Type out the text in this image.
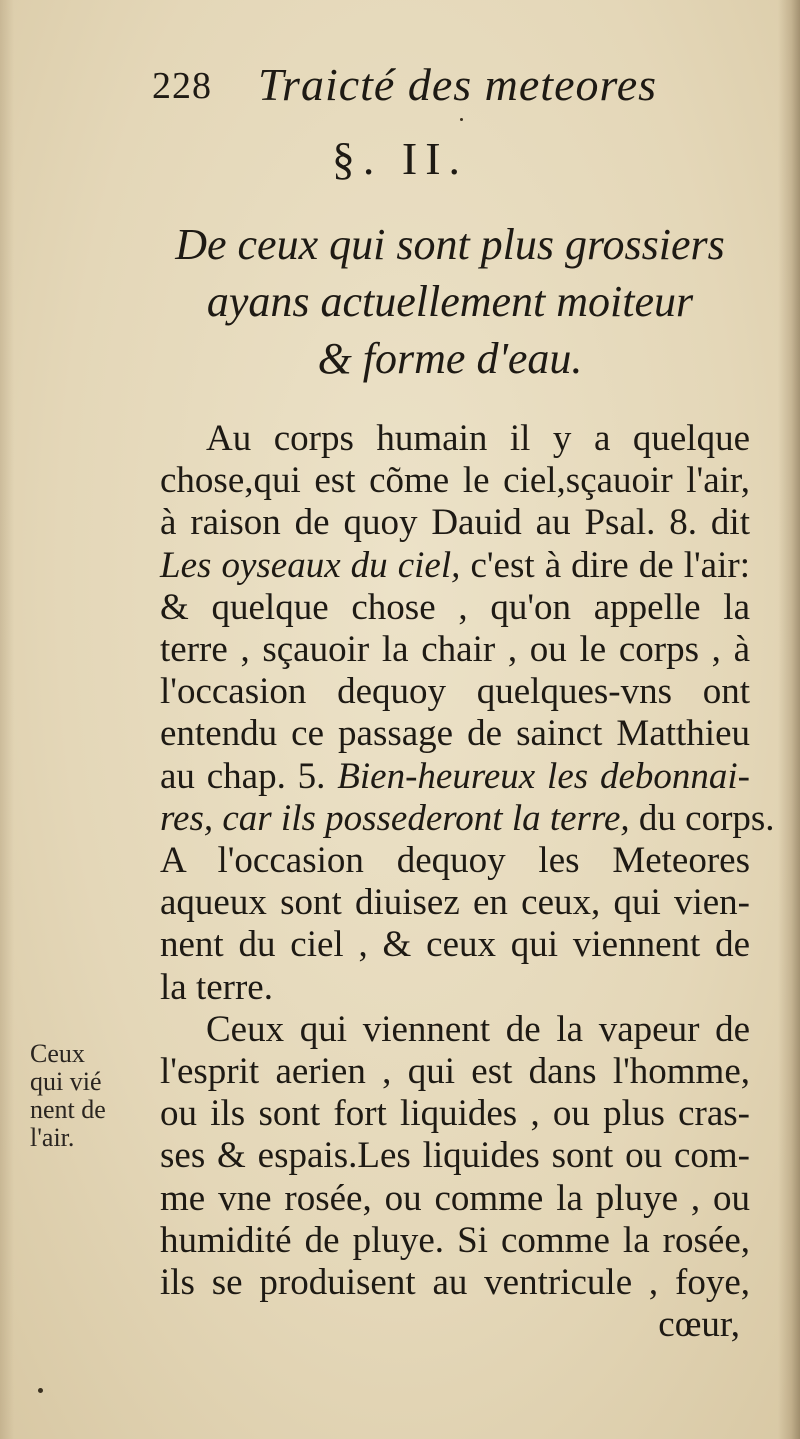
228 Traicté des meteores
§. II.
De ceux qui sont plus grossiers
ayans actuellement moiteur
& forme d'eau.
Au corps humain il y a quelque
chose,qui est cõme le ciel,sçauoir l'air,
à raison de quoy Dauid au Psal. 8. dit
Les oyseaux du ciel, c'est à dire de l'air:
& quelque chose , qu'on appelle la
terre , sçauoir la chair , ou le corps , à
l'occasion dequoy quelques-vns ont
entendu ce passage de sainct Matthieu
au chap. 5. Bien-heureux les debonnai-
res, car ils possederont la terre, du corps.
A l'occasion dequoy les Meteores
aqueux sont diuisez en ceux, qui vien-
nent du ciel , & ceux qui viennent de
la terre.
Ceux qui viennent de la vapeur de
l'esprit aerien , qui est dans l'homme,
ou ils sont fort liquides , ou plus cras-
ses & espais.Les liquides sont ou com-
me vne rosée, ou comme la pluye , ou
humidité de pluye. Si comme la rosée,
ils se produisent au ventricule , foye,
cœur,
Ceux
qui vié
nent de
l'air.
